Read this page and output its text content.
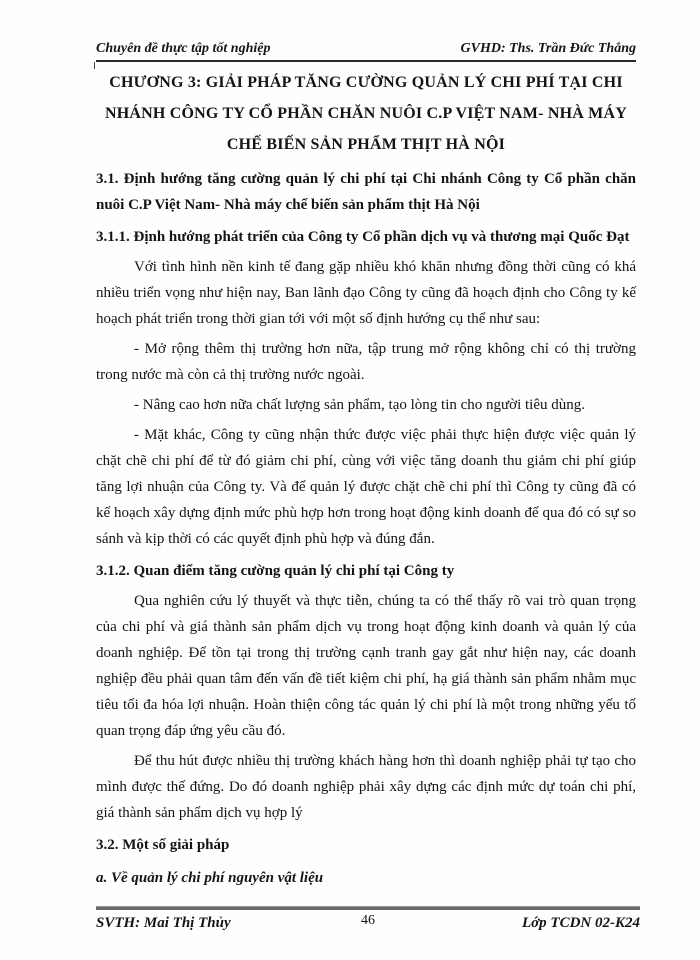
Chuyên đề thực tập tốt nghiệp	GVHD: Ths. Trần Đức Thắng
CHƯƠNG 3: GIẢI PHÁP TĂNG CƯỜNG QUẢN LÝ CHI PHÍ TẠI CHI NHÁNH CÔNG TY CỔ PHẦN CHĂN NUÔI C.P VIỆT NAM- NHÀ MÁY CHẾ BIẾN SẢN PHẨM THỊT HÀ NỘI
3.1. Định hướng tăng cường quản lý chi phí tại Chi nhánh Công ty Cổ phần chăn nuôi C.P Việt Nam- Nhà máy chế biến sản phẩm thịt Hà Nội
3.1.1. Định hướng phát triển của Công ty Cổ phần dịch vụ và thương mại Quốc Đạt

Với tình hình nền kinh tế đang gặp nhiều khó khăn nhưng đồng thời cũng có khá nhiều triển vọng như hiện nay, Ban lãnh đạo Công ty cũng đã hoạch định cho Công ty kế hoạch phát triển trong thời gian tới với một số định hướng cụ thể như sau:

- Mở rộng thêm thị trường hơn nữa, tập trung mở rộng không chỉ có thị trường trong nước mà còn cả thị trường nước ngoài.

- Nâng cao hơn nữa chất lượng sản phẩm, tạo lòng tin cho người tiêu dùng.

- Mặt khác, Công ty cũng nhận thức được việc phải thực hiện được việc quản lý chặt chẽ chi phí để từ đó giảm chi phí, cùng với việc tăng doanh thu giảm chi phí giúp tăng lợi nhuận của Công ty. Và để quản lý được chặt chẽ chi phí thì Công ty cũng đã có kế hoạch xây dựng định mức phù hợp hơn trong hoạt động kinh doanh để qua đó có sự so sánh và kịp thời có các quyết định phù hợp và đúng đắn.

3.1.2. Quan điểm tăng cường quản lý chi phí tại Công ty

Qua nghiên cứu lý thuyết và thực tiễn, chúng ta có thể thấy rõ vai trò quan trọng của chi phí và giá thành sản phẩm dịch vụ trong hoạt động kinh doanh và quản lý của doanh nghiệp. Để tồn tại trong thị trường cạnh tranh gay gắt như hiện nay, các doanh nghiệp đều phải quan tâm đến vấn đề tiết kiệm chi phí, hạ giá thành sản phẩm nhằm mục tiêu tối đa hóa lợi nhuận. Hoàn thiện công tác quản lý chi phí là một trong những yếu tố quan trọng đáp ứng yêu cầu đó.

Để thu hút được nhiều thị trường khách hàng hơn thì doanh nghiệp phải tự tạo cho mình được thế đứng. Do đó doanh nghiệp phải xây dựng các định mức dự toán chi phí, giá thành sản phẩm dịch vụ hợp lý

3.2. Một số giải pháp
a. Về quản lý chi phí nguyên vật liệu
SVTH: Mai Thị Thủy	46	Lớp TCDN 02-K24
